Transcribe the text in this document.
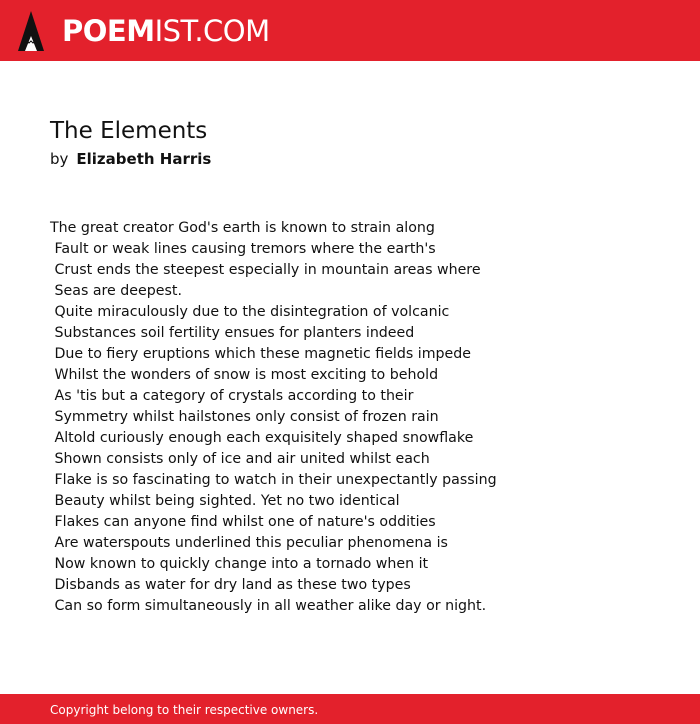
POEMIST.COM
The Elements
by Elizabeth Harris
The great creator God's earth is known to strain along
Fault or weak lines causing tremors where the earth's
Crust ends the steepest especially in mountain areas where
Seas are deepest.
Quite miraculously due to the disintegration of volcanic
Substances soil fertility ensues for planters indeed
Due to fiery eruptions which these magnetic fields impede
Whilst the wonders of snow is most exciting to behold
As 'tis but a category of crystals according to their
Symmetry whilst hailstones only consist of frozen rain
Altold curiously enough each exquisitely shaped snowflake
Shown consists only of ice and air united whilst each
Flake is so fascinating to watch in their unexpectantly passing
Beauty whilst being sighted. Yet no two identical
Flakes can anyone find whilst one of nature's oddities
Are waterspouts underlined this peculiar phenomena is
Now known to quickly change into a tornado when it
Disbands as water for dry land as these two types
Can so form simultaneously in all weather alike day or night.
Copyright belong to their respective owners.
